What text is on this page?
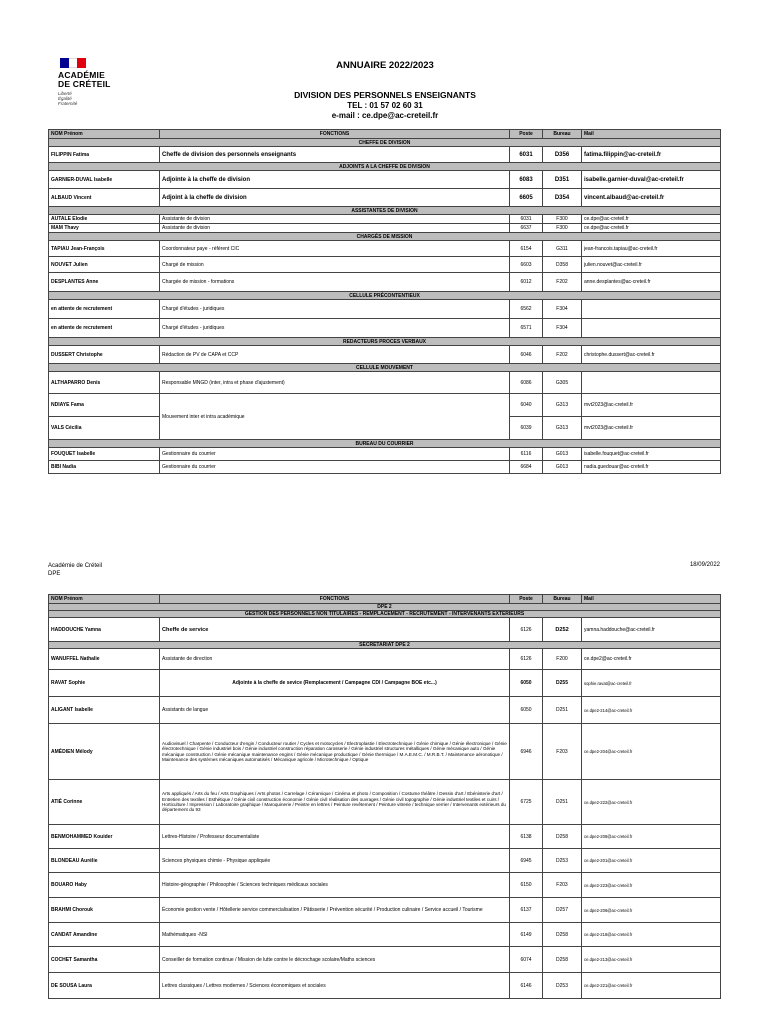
ACADÉMIE
DE CRÉTEIL
Liberté
Égalité
Fraternité
ANNUAIRE 2022/2023
DIVISION DES PERSONNELS ENSEIGNANTS
TEL : 01 57 02 60 31
e-mail : ce.dpe@ac-creteil.fr
NOM Prénom	FONCTIONS	Poste	Bureau	Mail
CHEFFE DE DIVISION				
FILIPPIN Fatima	Cheffe de division des personnels enseignants	6031	D356	fatima.filippin@ac-creteil.fr
ADJOINTS A LA CHEFFE DE DIVISION				
GARNIER-DUVAL Isabelle	Adjointe à la cheffe de division	6083	D351	isabelle.garnier-duval@ac-creteil.fr
ALBAUD Vincent	Adjoint à la cheffe de division	6605	D354	vincent.albaud@ac-creteil.fr
ASSISTANTES DE DIVISION				
AUTALE Elodie	Assistante de division	6031	F300	ce.dpe@ac-creteil.fr
MAM Thavy	Assistante de division	6637	F300	ce.dpe@ac-creteil.fr
CHARGÉS DE MISSION				
TAPIAU Jean-François	Coordonnateur paye - référent CIC	6154	G311	jean-francois.tapiau@ac-creteil.fr
NOUVET Julien	Chargé de mission	6603	D358	julien.nouvet@ac-creteil.fr
DESPLANTES Anne	Chargée de mission - formations	6012	F202	anne.desplantes@ac-creteil.fr
CELLULE PRÉCONTENTIEUX				
en attente de recrutement	Chargé d'études - juridiques	6562	F304	
en attente de recrutement	Chargé d'études - juridiques	6571	F304	
REDACTEURS PROCES VERBAUX				
DUSSERT Christophe	Rédaction de PV de CAPA et CCP	6046	F202	christophe.dussert@ac-creteil.fr
CELLULE MOUVEMENT				
ALTHAPARRO Denis	Responsable MNGD (inter, intra et phase d'ajustement)	6086	G305	
NDIAYE Fama	Mouvement inter et intra académique	6040	G313	mvt2023@ac-creteil.fr
VALS Cécilia		6039	G313	mvt2023@ac-creteil.fr
BUREAU DU COURRIER				
FOUQUET Isabelle	Gestionnaire du courrier	6116	G013	isabelle.fouquet@ac-creteil.fr
BIBI Nadia	Gestionnaire du courrier	6684	G013	nadia.guedouar@ac-creteil.fr
Académie de Créteil
DPE
18/09/2022
NOM Prénom	FONCTIONS	Poste	Bureau	Mail
DPE 2				
GESTION DES PERSONNELS NON TITULAIRES - REMPLACEMENT - RECRUTEMENT - INTERVENANTS EXTERIEURS				
HADDOUCHE Yamna	Cheffe de service	6126	D252	yamna.haddouche@ac-creteil.fr
SECRETARIAT DPE 2				
WANUFFEL Nathalie	Assistante de direction	6126	F200	ce.dpe2@ac-creteil.fr
RAVAT Sophie	Adjointe à la cheffe de sevice (Remplacement / Campagne CDI / Campagne BOE etc...)	6050	D255	sophie.ravat@ac-creteil.fr
ALIGANT Isabelle	Assistants de langue	6050	D251	ce.dpe2-214@ac-creteil.fr
AMÉDIEN Mélody	Audiovisuel / Charpente / Conducteur d'engin / Conducteur routier / Cycles et motocycles / Electroplastie / Electrotechnique / Génie chimique / Génie électronique / Génie électrotechnique / Génie industriel bois / Génie industriel construction réparation carosserie / Génie industriel structures métalliques / Génie mécanique auto / Génie mécanique construction / Génie mécanique maintenance engins / Génie mécanique productique / Génie thermique / M.A.E.M.C. / M.R.B.T. / Maintenance aéronotique / Maintenance des systèmes mécaniques automatisés / Mécanique agricole / Microtechnique / Optique	6946	F203	ce.dpe2-204@ac-creteil.fr
ATIÉ Corinne	Arts appliqués / Arts du feu / Arts Graphiques / Arts photos / Carrelage / Céramique / Cinéma et photo / Composition / Costume théâtre / Dessin d'art / Ebénisterie d'art / Entretien des textiles / Esthétique / Génie civil construction économie / Génie civil réalisation des ouvrages / Génie civil topographie / Génie industriel textiles et cuirs / Horticulture / Impression / Laboratoire graphique / Maroquinerie / Peintre en lettres / Peinture revêtement / Peinture vitrerie / technique verrier / Intervenants extérieurs du département du 93	6725	D251	ce.dpe2-222@ac-creteil.fr
BENMOHAMMED Kouider	Lettres-Histoire / Professeur documentaliste	6138	D258	ce.dpe2-208@ac-creteil.fr
BLONDEAU Aurélie	Sciences physiques chimie - Physique appliquée	6945	D253	ce.dpe2-201@ac-creteil.fr
BOUARO Haby	Histoire-géographie / Philosophie / Sciences techniques médicaux sociales	6150	F203	ce.dpe2-223@ac-creteil.fr
BRAHMI Chorouk	Économie gestion vente / Hôtellerie service commercialisation / Pâtisserie / Prévention sécurité / Production culinaire / Service accueil / Tourisme	6137	D257	ce.dpe2-206@ac-creteil.fr
CANDAT Amandine	Mathématiques -NSI	6149	D258	ce.dpe2-218@ac-creteil.fr
COCHET Samantha	Conseiller de formation continue / Mission de lutte contre le décrochage scolaire/Maths sciences	6074	D258	ce.dpe2-213@ac-creteil.fr
DE SOUSA Laura	Lettres classiques / Lettres modernes / Sciences économiques et sociales	6146	D253	ce.dpe2-221@ac-creteil.fr
